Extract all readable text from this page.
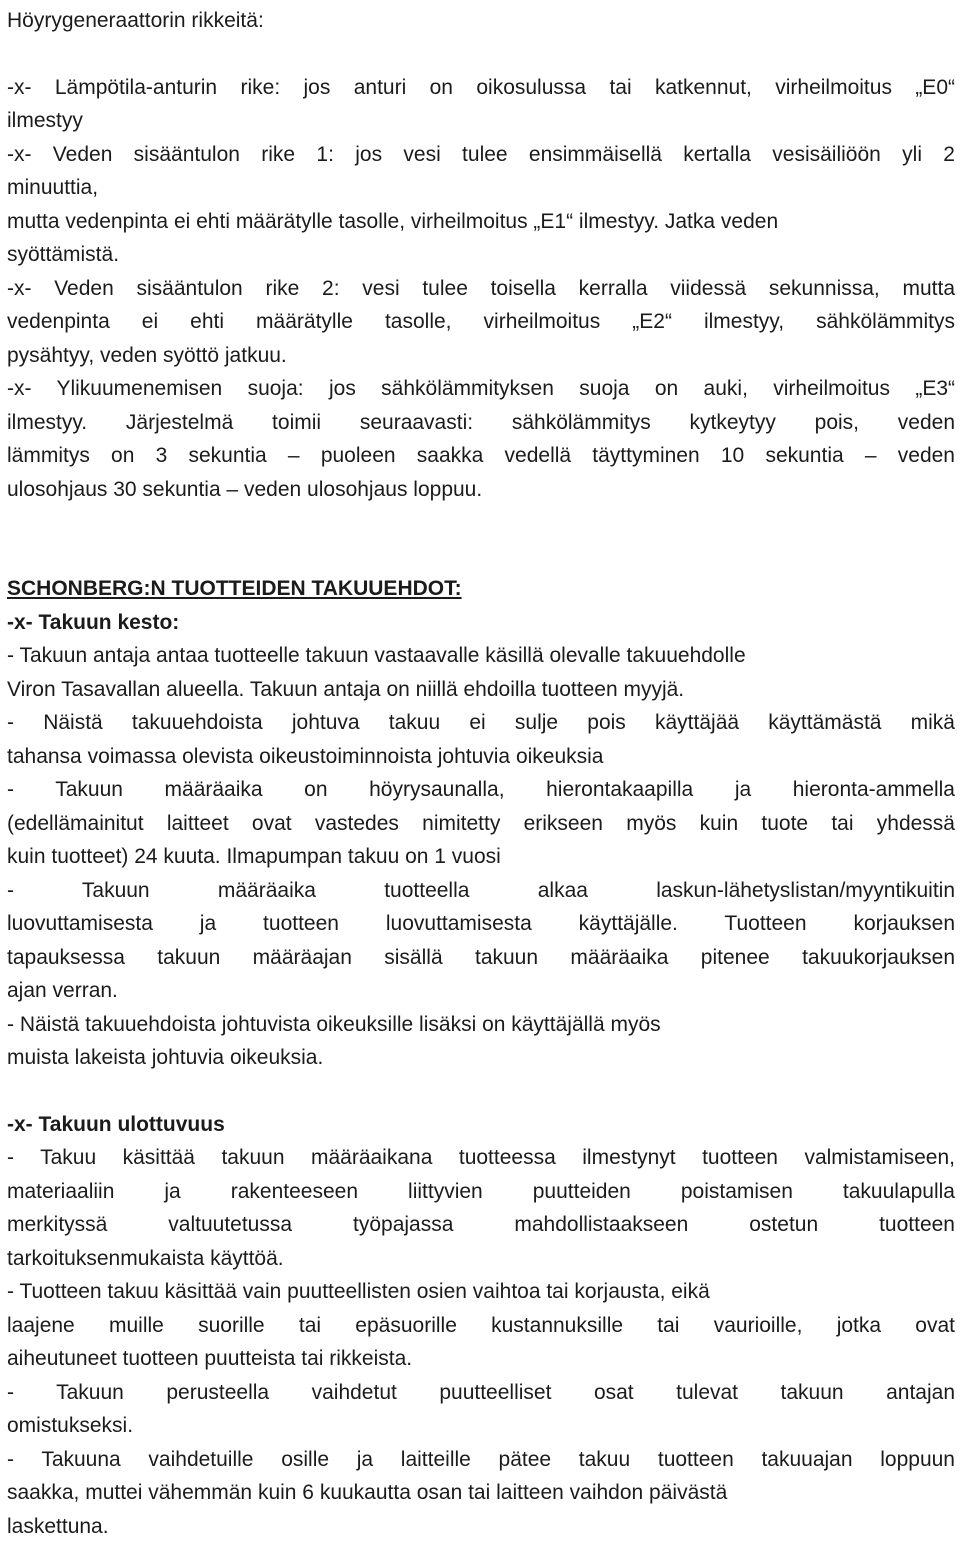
Höyrygeneraattorin rikkeitä:
-x- Lämpötila-anturin rike: jos anturi on oikosulussa tai katkennut, virheilmoitus „E0“
ilmestyy
-x- Veden sisääntulon rike 1: jos vesi tulee ensimmäisellä kertalla vesisäiliöön yli 2
minuuttia,
mutta vedenpinta ei ehti määrätylle tasolle, virheilmoitus „E1“ ilmestyy. Jatka veden
syöttämistä.
-x- Veden sisääntulon rike 2: vesi tulee toisella kerralla viidessä sekunnissa, mutta
vedenpinta ei ehti määrätylle tasolle, virheilmoitus „E2“ ilmestyy, sähkölämmitys
pysähtyy, veden syöttö jatkuu.
-x- Ylikuumenemisen suoja: jos sähkölämmityksen suoja on auki, virheilmoitus „E3“
ilmestyy. Järjestelmä toimii seuraavasti: sähkölämmitys kytkeytyy pois, veden
lämmitys on 3 sekuntia – puoleen saakka vedellä täyttyminen 10 sekuntia – veden
ulosohjaus 30 sekuntia – veden ulosohjaus loppuu.
SCHONBERG:N TUOTTEIDEN TAKUUEHDOT:
-x- Takuun kesto:
- Takuun antaja antaa tuotteelle takuun vastaavalle käsillä olevalle takuuehdolle
Viron Tasavallan alueella. Takuun antaja on niillä ehdoilla tuotteen myyjä.
- Näistä takuuehdoista johtuva takuu ei sulje pois käyttäjää käyttämästä mikä
tahansa voimassa olevista oikeustoiminnoista johtuvia oikeuksia
- Takuun määräaika on höyrysaunalla, hierontakaapilla ja hieronta-ammella
(edellämainitut laitteet ovat vastedes nimitetty erikseen myös kuin tuote tai yhdessä
kuin tuotteet) 24 kuuta. Ilmapumpan takuu on 1 vuosi
- Takuun määräaika tuotteella alkaa laskun-lähetyslistan/myyntikuitin
luovuttamisesta ja tuotteen luovuttamisesta käyttäjälle. Tuotteen korjauksen
tapauksessa takuun määräajan sisällä takuun määräaika pitenee takuukorjauksen
ajan verran.
- Näistä takuuehdoista johtuvista oikeuksille lisäksi on käyttäjällä myös
muista lakeista johtuvia oikeuksia.
-x- Takuun ulottuvuus
- Takuu käsittää takuun määräaikana tuotteessa ilmestynyt tuotteen valmistamiseen,
materiaaliin ja rakenteeseen liittyvien puutteiden poistamisen takuulapulla
merkityssä valtuutetussa työpajassa mahdollistaakseen ostetun tuotteen
tarkoituksenmukaista käyttöä.
- Tuotteen takuu käsittää vain puutteellisten osien vaihtoa tai korjausta, eikä
laajene muille suorille tai epäsuorille kustannuksille tai vaurioille, jotka ovat
aiheutuneet tuotteen puutteista tai rikkeista.
- Takuun perusteella vaihdetut puutteelliset osat tulevat takuun antajan
omistukseksi.
- Takuuna vaihdetuille osille ja laitteille pätee takuu tuotteen takuuajan loppuun
saakka, muttei vähemmän kuin 6 kuukautta osan tai laitteen vaihdon päivästä
laskettuna.
